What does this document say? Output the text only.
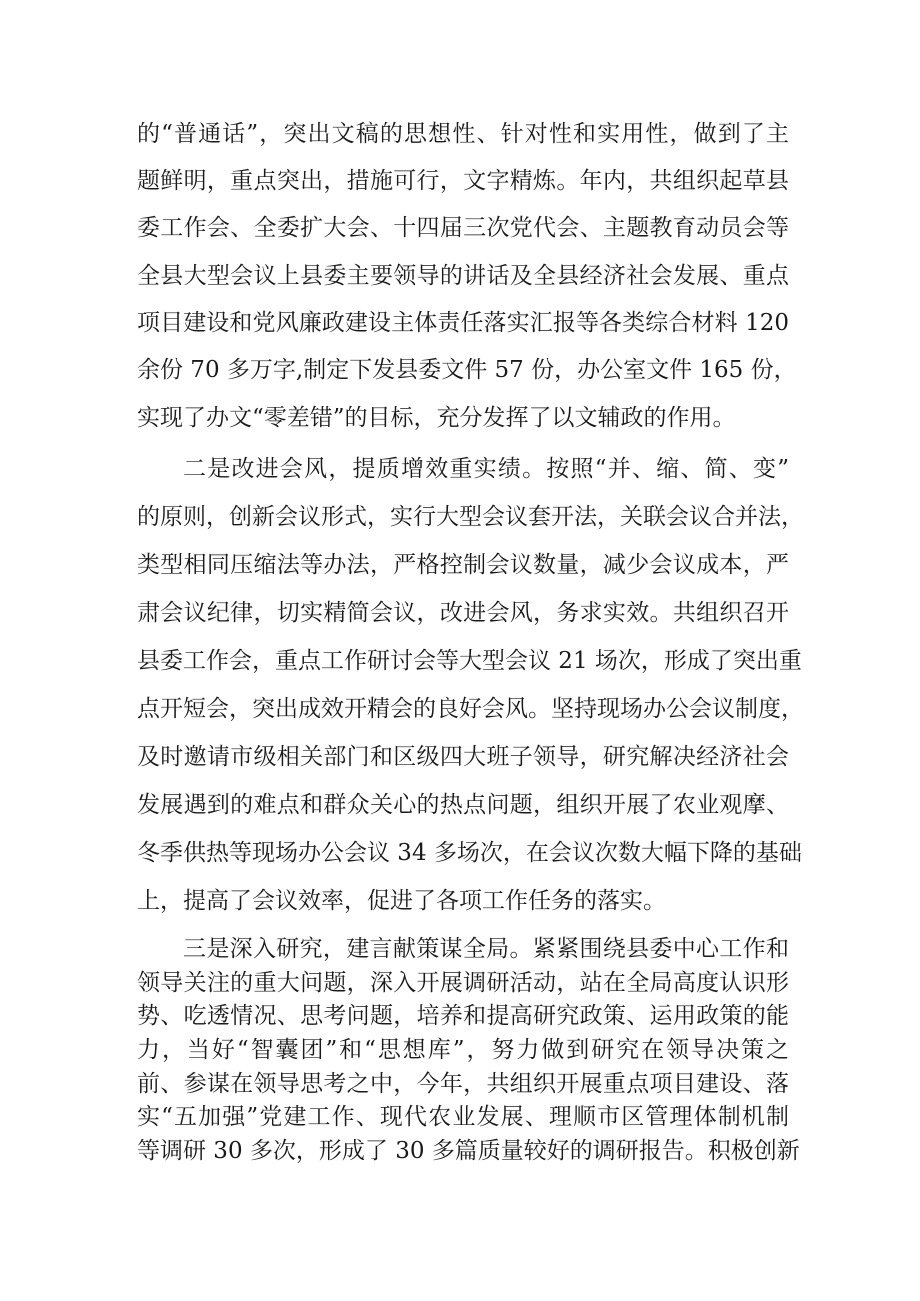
的“普通话”，突出文稿的思想性、针对性和实用性，做到了主
题鲜明，重点突出，措施可行，文字精炼。年内，共组织起草县
委工作会、全委扩大会、十四届三次党代会、主题教育动员会等
全县大型会议上县委主要领导的讲话及全县经济社会发展、重点
项目建设和党风廉政建设主体责任落实汇报等各类综合材料 120
余份 70 多万字,制定下发县委文件 57 份，办公室文件 165 份，
实现了办文“零差错”的目标，充分发挥了以文辅政的作用。
二是改进会风，提质增效重实绩。按照“并、缩、简、变”
的原则，创新会议形式，实行大型会议套开法，关联会议合并法，
类型相同压缩法等办法，严格控制会议数量，减少会议成本，严
肃会议纪律，切实精简会议，改进会风，务求实效。共组织召开
县委工作会，重点工作研讨会等大型会议 21 场次，形成了突出重
点开短会，突出成效开精会的良好会风。坚持现场办公会议制度，
及时邀请市级相关部门和区级四大班子领导，研究解决经济社会
发展遇到的难点和群众关心的热点问题，组织开展了农业观摩、
冬季供热等现场办公会议 34 多场次，在会议次数大幅下降的基础
上，提高了会议效率，促进了各项工作任务的落实。
三是深入研究，建言献策谋全局。紧紧围绕县委中心工作和
领导关注的重大问题，深入开展调研活动，站在全局高度认识形
势、吃透情况、思考问题，培养和提高研究政策、运用政策的能
力，当好“智囊团”和“思想库”，努力做到研究在领导决策之
前、参谋在领导思考之中，今年，共组织开展重点项目建设、落
实“五加强”党建工作、现代农业发展、理顺市区管理体制机制
等调研 30 多次，形成了 30 多篇质量较好的调研报告。积极创新
